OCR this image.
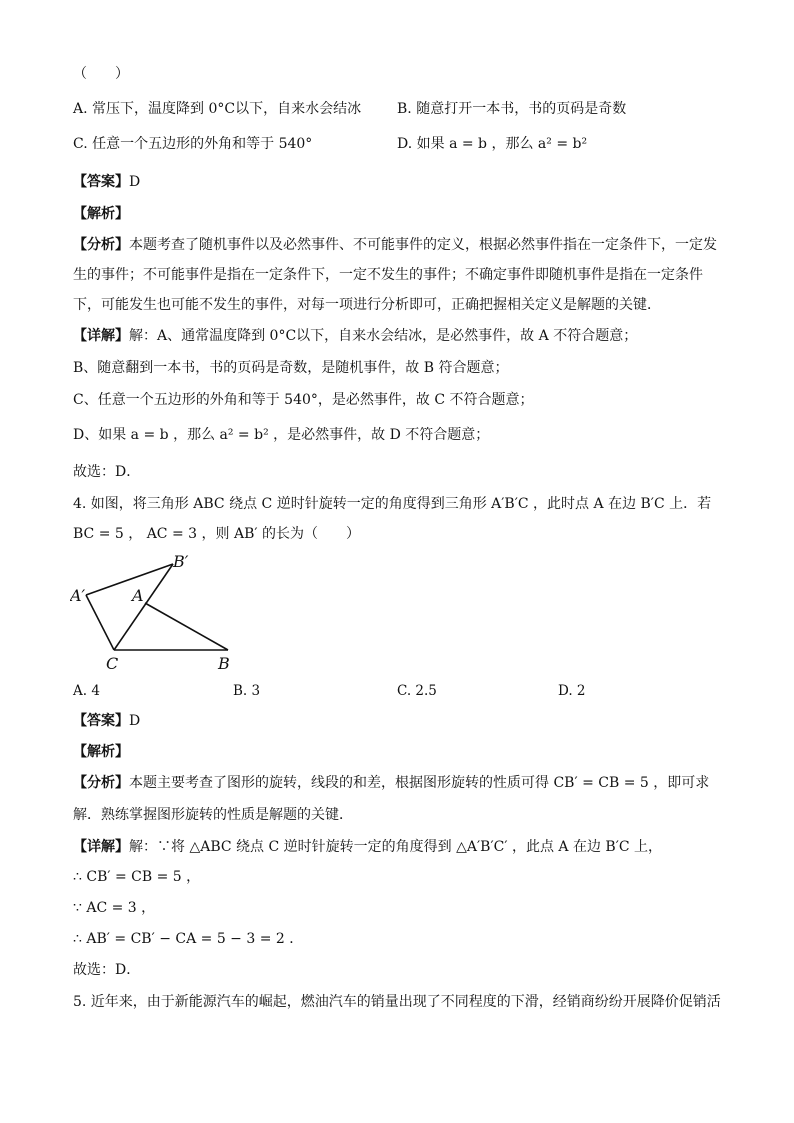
（　　）
A. 常压下，温度降到 0°C以下，自来水会结冰	B. 随意打开一本书，书的页码是奇数
C. 任意一个五边形的外角和等于 540°	D. 如果 a = b ，那么 a² = b²
【答案】D
【解析】
【分析】本题考查了随机事件以及必然事件、不可能事件的定义，根据必然事件指在一定条件下，一定发
生的事件；不可能事件是指在一定条件下，一定不发生的事件；不确定事件即随机事件是指在一定条件
下，可能发生也可能不发生的事件，对每一项进行分析即可，正确把握相关定义是解题的关键．
【详解】解：A、通常温度降到 0°C以下，自来水会结冰，是必然事件，故 A 不符合题意；
B、随意翻到一本书，书的页码是奇数，是随机事件，故 B 符合题意；
C、任意一个五边形的外角和等于 540°，是必然事件，故 C 不符合题意；
D、如果 a = b ，那么 a² = b² ，是必然事件，故 D 不符合题意；
故选：D．
4. 如图，将三角形 ABC 绕点 C 逆时针旋转一定的角度得到三角形 A′B′C ，此时点 A 在边 B′C 上．若
BC = 5 ， AC = 3 ，则 AB′ 的长为（　　）
B′
A′	A
C	B
A. 4	B. 3	C. 2.5	D. 2
【答案】D
【解析】
【分析】本题主要考查了图形的旋转，线段的和差，根据图形旋转的性质可得 CB′ = CB = 5 ，即可求
解．熟练掌握图形旋转的性质是解题的关键．
【详解】解：∵将 △ABC 绕点 C 逆时针旋转一定的角度得到 △A′B′C′ ，此点 A 在边 B′C 上，
∴ CB′ = CB = 5 ，
∵ AC = 3 ，
∴ AB′ = CB′ − CA = 5 − 3 = 2 ．
故选：D．
5. 近年来，由于新能源汽车的崛起，燃油汽车的销量出现了不同程度的下滑，经销商纷纷开展降价促销活
